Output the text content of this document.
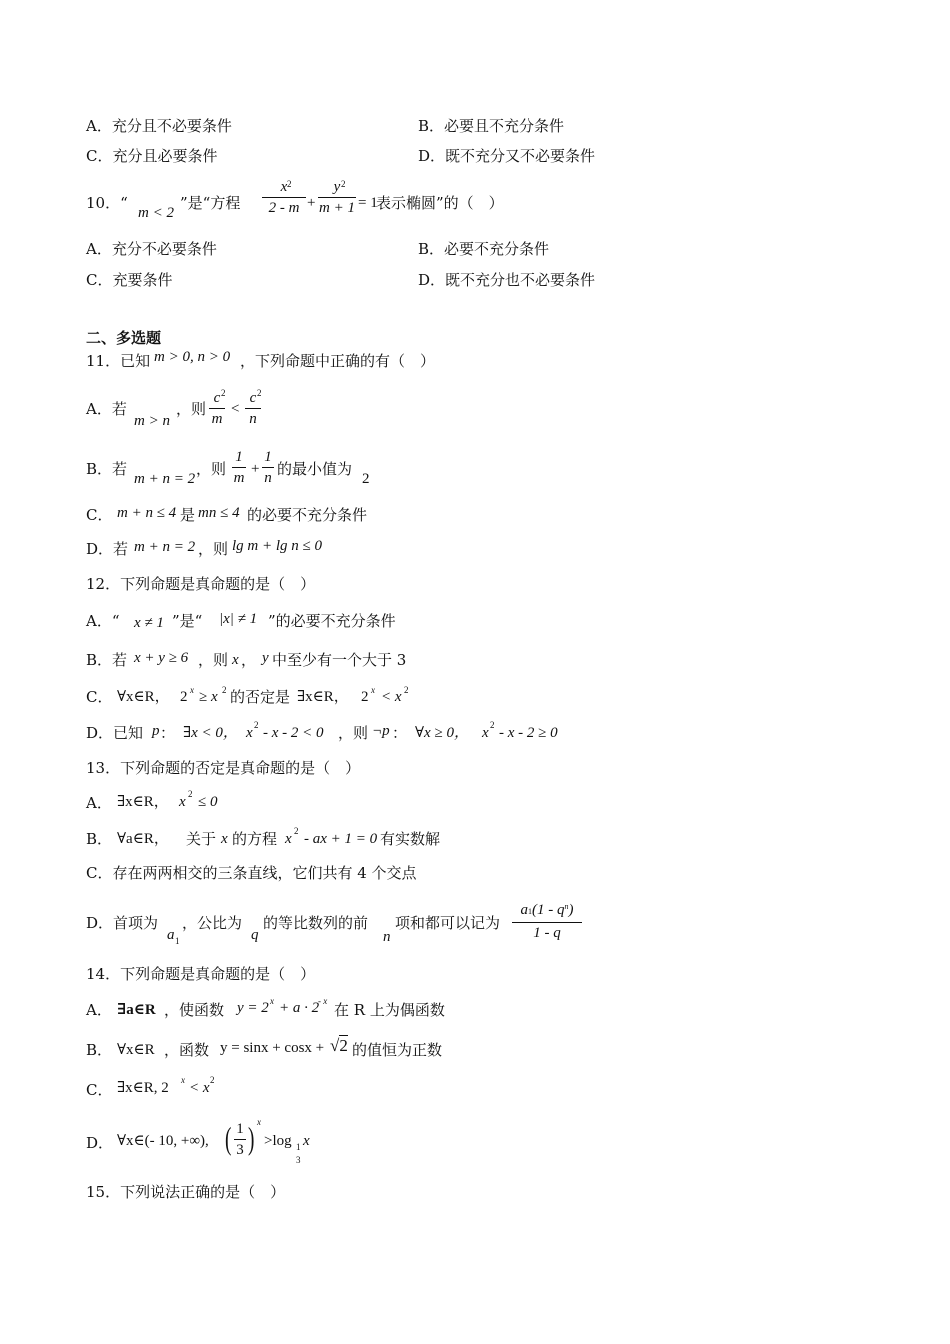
A．充分且不必要条件	B．必要且不充分条件
C．充分且必要条件	D．既不充分又不必要条件
10．“
m < 2
”是“方程
x
2 - m
2
+
y
m + 1
2
= 1
表示椭圆”的（　）
A．充分不必要条件	B．必要不充分条件
C．充要条件	D．既不充分也不必要条件
二、多选题
11．已知 m > 0, n > 0 ，下列命题中正确的有（　）
A．若
m > n
，则
c
m
2
<
c
n
2
B．若
m + n = 2
，则
1
m
+
1
n 的最小值为
2
C． m + n ≤ 4 是 mn ≤ 4 的必要不充分条件
D．若 m + n = 2 ，则 lg m + lg n ≤ 0
12．下列命题是真命题的是（　）
A．“ x ≠ 1 ”是“ |x| ≠ 1 ”的必要不充分条件
B．若 x + y ≥ 6 ，则 x ， y 中至少有一个大于 3
C． ∀x∈R， 2 x ≥ x 2 的否定是 ∃x∈R， 2 x < x 2
D．已知 p ： ∃x < 0， x 2 - x - 2 < 0 ，则 ¬p ： ∀x ≥ 0， x 2 - x - 2 ≥ 0
13．下列命题的否定是真命题的是（　）
A． ∃x∈R， x 2 ≤ 0
B． ∀a∈R， 关于 x 的方程 x 2 - ax + 1 = 0 有实数解
C．存在两两相交的三条直线，它们共有 4 个交点
D．首项为
a 1
，公比为
q
的等比数列的前
n
项和都可以记为
$a1(1 - q^n)$
1 - q
14．下列命题是真命题的是（　）
A． ∃a∈R ，使函数 y = 2 x + a · 2
- x 在 R 上为偶函数
B． ∀x∈R ，函数 y = sinx + cosx + √2 的值恒为正数
C． ∃x∈R, 2 x < x 2
D． ∀x∈(- 10, +∞), ( 1
3 ) x
>log 1
3
x
15．下列说法正确的是（　）
